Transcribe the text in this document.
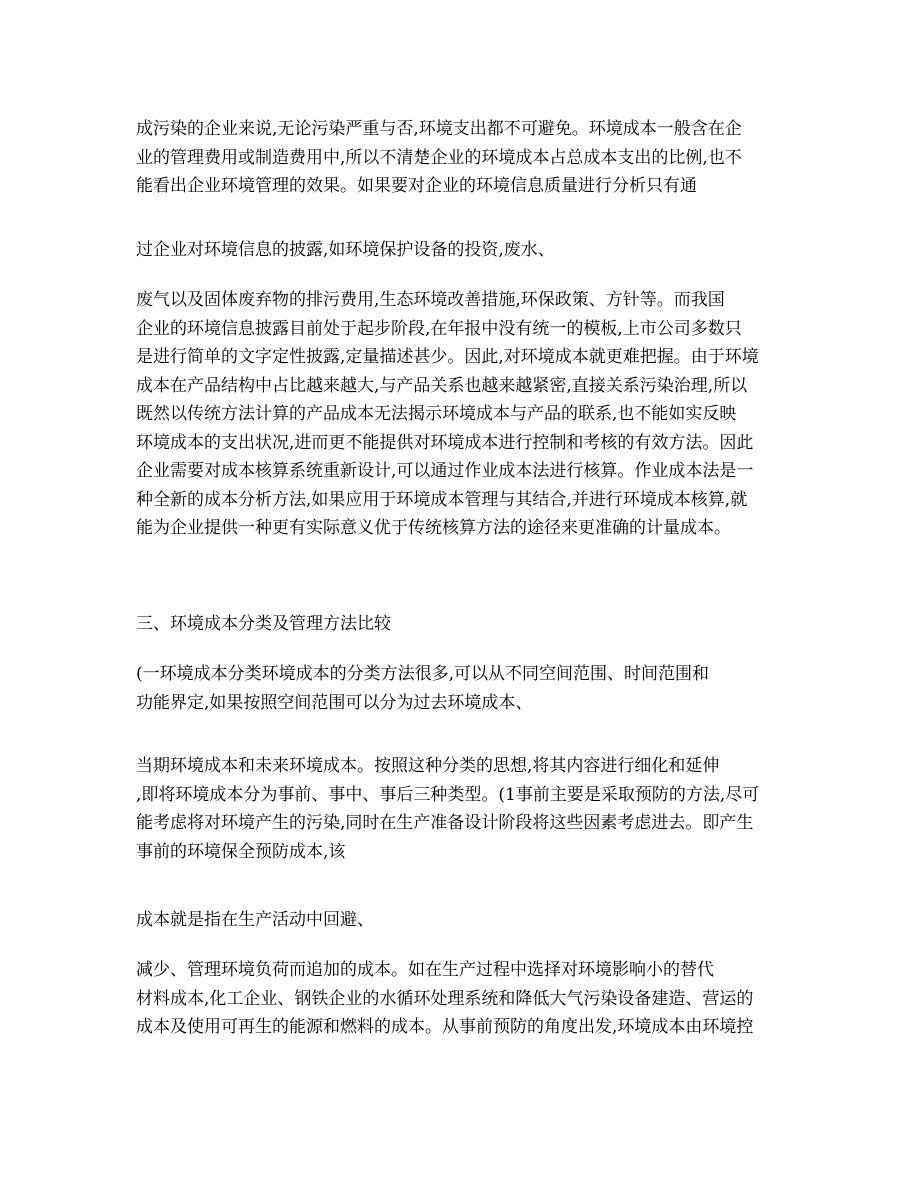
成污染的企业来说,无论污染严重与否,环境支出都不可避免。环境成本一般含在企
业的管理费用或制造费用中,所以不清楚企业的环境成本占总成本支出的比例,也不
能看出企业环境管理的效果。如果要对企业的环境信息质量进行分析只有通

过企业对环境信息的披露,如环境保护设备的投资,废水、

废气以及固体废弃物的排污费用,生态环境改善措施,环保政策、方针等。而我国
企业的环境信息披露目前处于起步阶段,在年报中没有统一的模板,上市公司多数只
是进行简单的文字定性披露,定量描述甚少。因此,对环境成本就更难把握。由于环境
成本在产品结构中占比越来越大,与产品关系也越来越紧密,直接关系污染治理,所以
既然以传统方法计算的产品成本无法揭示环境成本与产品的联系,也不能如实反映
环境成本的支出状况,进而更不能提供对环境成本进行控制和考核的有效方法。因此
企业需要对成本核算系统重新设计,可以通过作业成本法进行核算。作业成本法是一
种全新的成本分析方法,如果应用于环境成本管理与其结合,并进行环境成本核算,就
能为企业提供一种更有实际意义优于传统核算方法的途径来更准确的计量成本。

三、环境成本分类及管理方法比较

(一环境成本分类环境成本的分类方法很多,可以从不同空间范围、时间范围和
功能界定,如果按照空间范围可以分为过去环境成本、

当期环境成本和未来环境成本。按照这种分类的思想,将其内容进行细化和延伸
,即将环境成本分为事前、事中、事后三种类型。(1事前主要是采取预防的方法,尽可
能考虑将对环境产生的污染,同时在生产准备设计阶段将这些因素考虑进去。即产生
事前的环境保全预防成本,该

成本就是指在生产活动中回避、

减少、管理环境负荷而追加的成本。如在生产过程中选择对环境影响小的替代
材料成本,化工企业、钢铁企业的水循环处理系统和降低大气污染设备建造、营运的
成本及使用可再生的能源和燃料的成本。从事前预防的角度出发,环境成本由环境控
